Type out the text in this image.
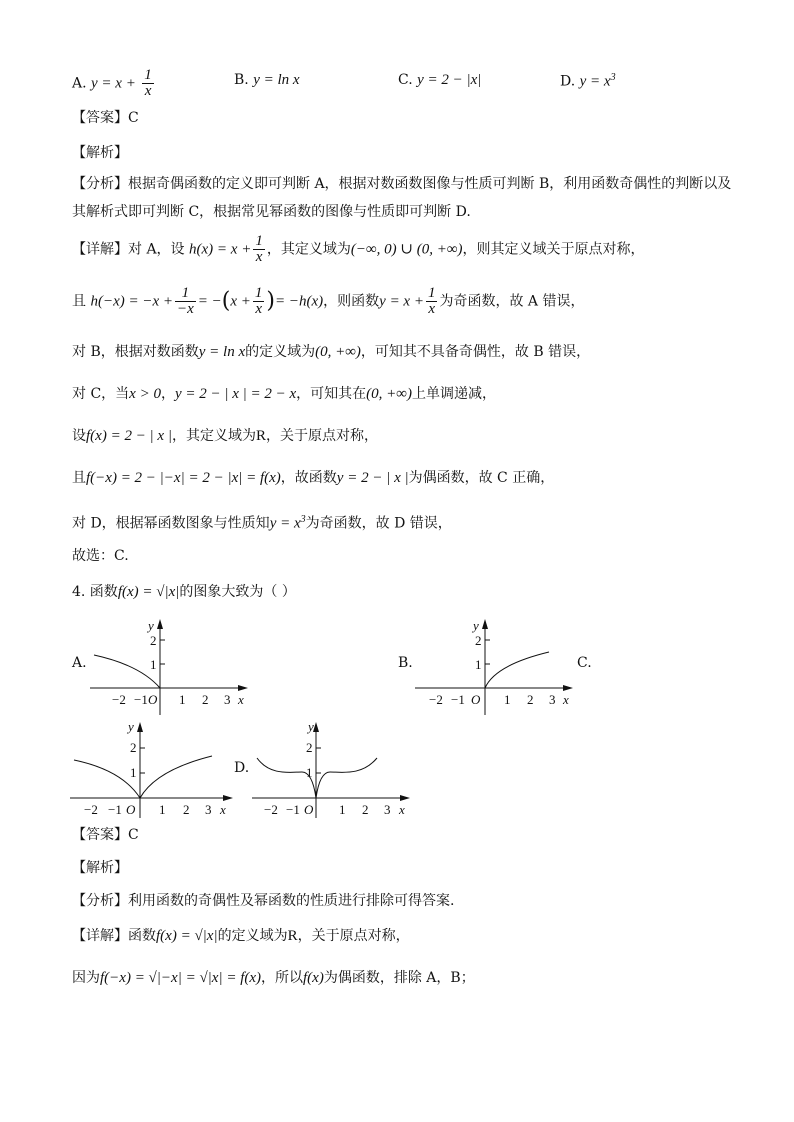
A. $y = x + \frac{1}{x}$	B. y = ln x	C. y = 2 − |x|	D. $y = x^3$
【答案】C
【解析】
【分析】根据奇偶函数的定义即可判断 A，根据对数函数图像与性质可判断 B，利用函数奇偶性的判断以及
其解析式即可判断 C，根据常见幂函数的图像与性质即可判断 D.
【详解】对 A，设 $h(x) = x + \frac{1}{x}$ ，其定义域为(−∞, 0) ∪ (0, +∞)，则其定义域关于原点对称，
且 $h(-x) = -x + \frac{1}{-x} = -(x + \frac{1}{x}$ )= −h(x)，则函数$y = x + \frac{1}{x}$ 为奇函数，故 A 错误，
对 B，根据对数函数y = ln x的定义域为(0, +∞)，可知其不具备奇偶性，故 B 错误，
对 C，当x > 0，y = 2 − | x | = 2 − x，可知其在(0, +∞)上单调递减，
设f(x) = 2 − | x |，其定义域为R，关于原点对称，
且f(−x) = 2 − |−x| = 2 − |x| = f(x)，故函数y = 2 − | x |为偶函数，故 C 正确，
对 D，根据幂函数图象与性质知$y = x^3$为奇函数，故 D 错误，
故选：C.
4. 函数f(x) = √|x|的图象大致为（ ）
A.	B.	C.
D.
y
2
1
−2 −1 O 1 2 3 x
y
2
1
−2 −1 O 1 2 3 x
y
2
1
−2 −1 O 1 2 3 x
y
2
1
−2 −1 O 1 2 3 x
【答案】C
【解析】
【分析】利用函数的奇偶性及幂函数的性质进行排除可得答案.
【详解】函数f(x) = √|x|的定义域为R，关于原点对称，
因为f(−x) = √|−x| = √|x| = f(x)，所以f(x)为偶函数，排除 A，B；
